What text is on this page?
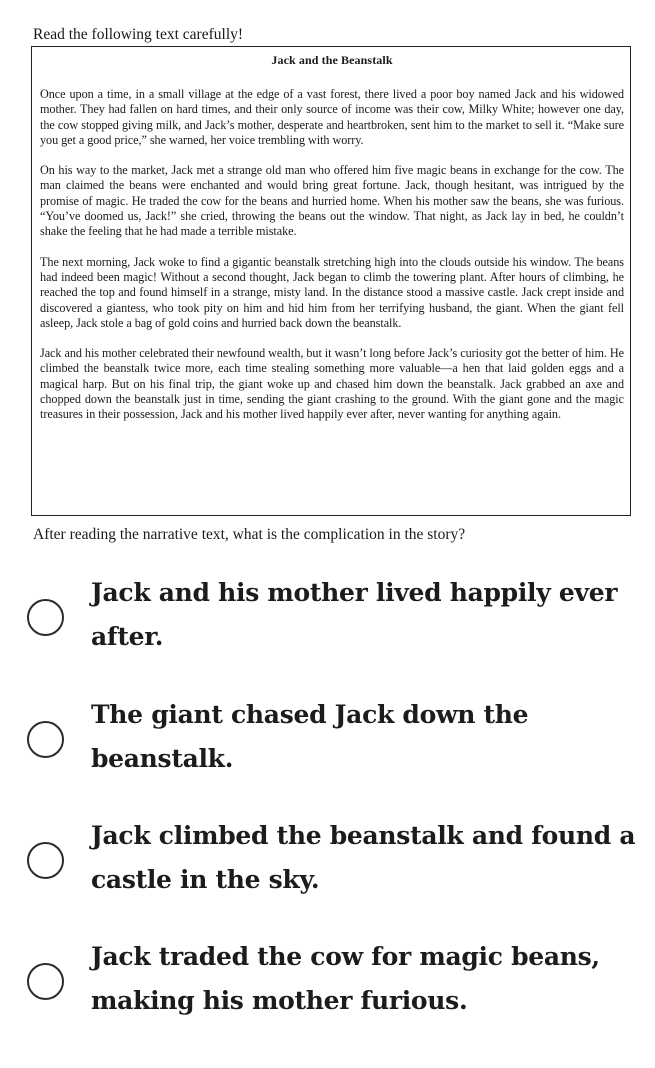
Read the following text carefully!
Jack and the Beanstalk

Once upon a time, in a small village at the edge of a vast forest, there lived a poor boy named Jack and his widowed mother. They had fallen on hard times, and their only source of income was their cow, Milky White; however one day, the cow stopped giving milk, and Jack’s mother, desperate and heartbroken, sent him to the market to sell it. “Make sure you get a good price,” she warned, her voice trembling with worry.

On his way to the market, Jack met a strange old man who offered him five magic beans in exchange for the cow. The man claimed the beans were enchanted and would bring great fortune. Jack, though hesitant, was intrigued by the promise of magic. He traded the cow for the beans and hurried home. When his mother saw the beans, she was furious. “You’ve doomed us, Jack!” she cried, throwing the beans out the window. That night, as Jack lay in bed, he couldn’t shake the feeling that he had made a terrible mistake.

The next morning, Jack woke to find a gigantic beanstalk stretching high into the clouds outside his window. The beans had indeed been magic! Without a second thought, Jack began to climb the towering plant. After hours of climbing, he reached the top and found himself in a strange, misty land. In the distance stood a massive castle. Jack crept inside and discovered a giantess, who took pity on him and hid him from her terrifying husband, the giant. When the giant fell asleep, Jack stole a bag of gold coins and hurried back down the beanstalk.

Jack and his mother celebrated their newfound wealth, but it wasn’t long before Jack’s curiosity got the better of him. He climbed the beanstalk twice more, each time stealing something more valuable—a hen that laid golden eggs and a magical harp. But on his final trip, the giant woke up and chased him down the beanstalk. Jack grabbed an axe and chopped down the beanstalk just in time, sending the giant crashing to the ground. With the giant gone and the magic treasures in their possession, Jack and his mother lived happily ever after, never wanting for anything again.

After reading the narrative text, what is the complication in the story?
Jack and his mother lived happily ever after.
The giant chased Jack down the beanstalk.
Jack climbed the beanstalk and found a castle in the sky.
Jack traded the cow for magic beans, making his mother furious.
